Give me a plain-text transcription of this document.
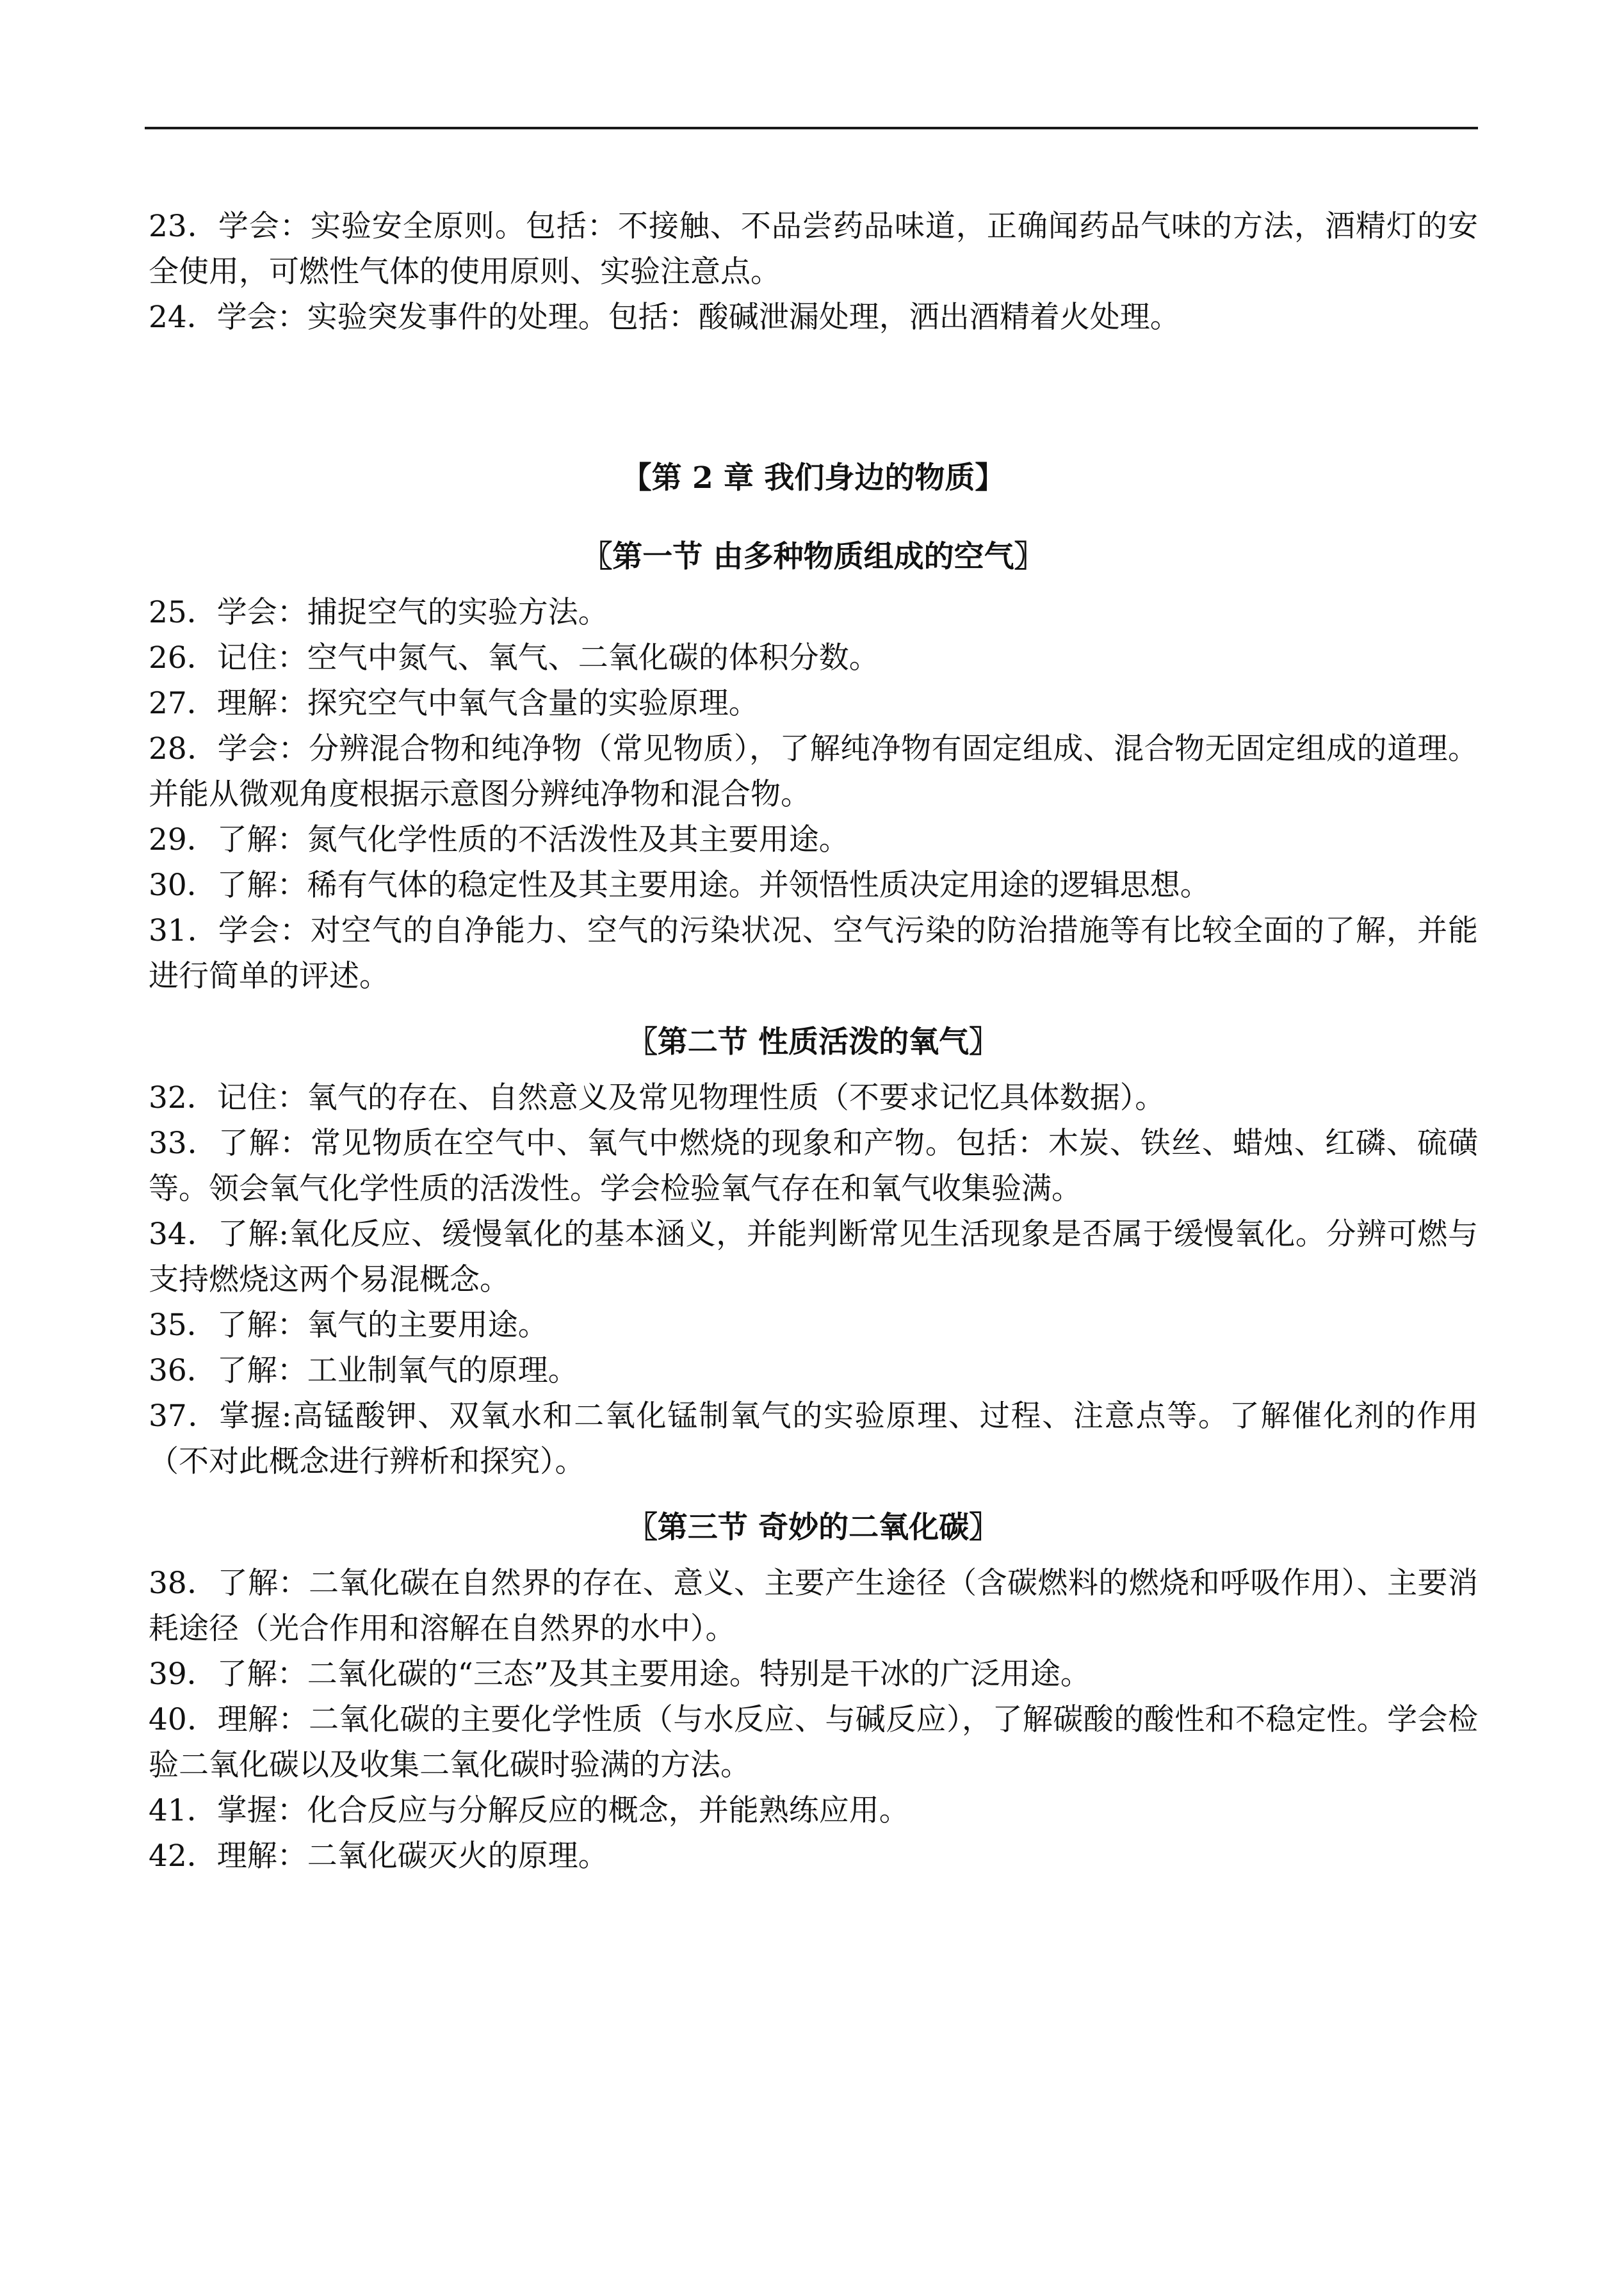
23．学会：实验安全原则。包括：不接触、不品尝药品味道，正确闻药品气味的方法，酒精灯的安全使用，可燃性气体的使用原则、实验注意点。

24．学会：实验突发事件的处理。包括：酸碱泄漏处理，洒出酒精着火处理。

【第 2 章 我们身边的物质】
〖第一节 由多种物质组成的空气〗

25．学会：捕捉空气的实验方法。

26．记住：空气中氮气、氧气、二氧化碳的体积分数。

27．理解：探究空气中氧气含量的实验原理。

28．学会：分辨混合物和纯净物（常见物质），了解纯净物有固定组成、混合物无固定组成的道理。并能从微观角度根据示意图分辨纯净物和混合物。

29．了解：氮气化学性质的不活泼性及其主要用途。

30．了解：稀有气体的稳定性及其主要用途。并领悟性质决定用途的逻辑思想。

31．学会：对空气的自净能力、空气的污染状况、空气污染的防治措施等有比较全面的了解，并能进行简单的评述。

〖第二节 性质活泼的氧气〗

32．记住：氧气的存在、自然意义及常见物理性质（不要求记忆具体数据）。

33．了解：常见物质在空气中、氧气中燃烧的现象和产物。包括：木炭、铁丝、蜡烛、红磷、硫磺等。领会氧气化学性质的活泼性。学会检验氧气存在和氧气收集验满。

34．了解:氧化反应、缓慢氧化的基本涵义，并能判断常见生活现象是否属于缓慢氧化。分辨可燃与支持燃烧这两个易混概念。

35．了解：氧气的主要用途。

36．了解：工业制氧气的原理。

37．掌握:高锰酸钾、双氧水和二氧化锰制氧气的实验原理、过程、注意点等。了解催化剂的作用（不对此概念进行辨析和探究）。

〖第三节 奇妙的二氧化碳〗

38．了解：二氧化碳在自然界的存在、意义、主要产生途径（含碳燃料的燃烧和呼吸作用）、主要消耗途径（光合作用和溶解在自然界的水中）。

39．了解：二氧化碳的“三态”及其主要用途。特别是干冰的广泛用途。

40．理解：二氧化碳的主要化学性质（与水反应、与碱反应），了解碳酸的酸性和不稳定性。学会检验二氧化碳以及收集二氧化碳时验满的方法。

41．掌握：化合反应与分解反应的概念，并能熟练应用。

42．理解：二氧化碳灭火的原理。
